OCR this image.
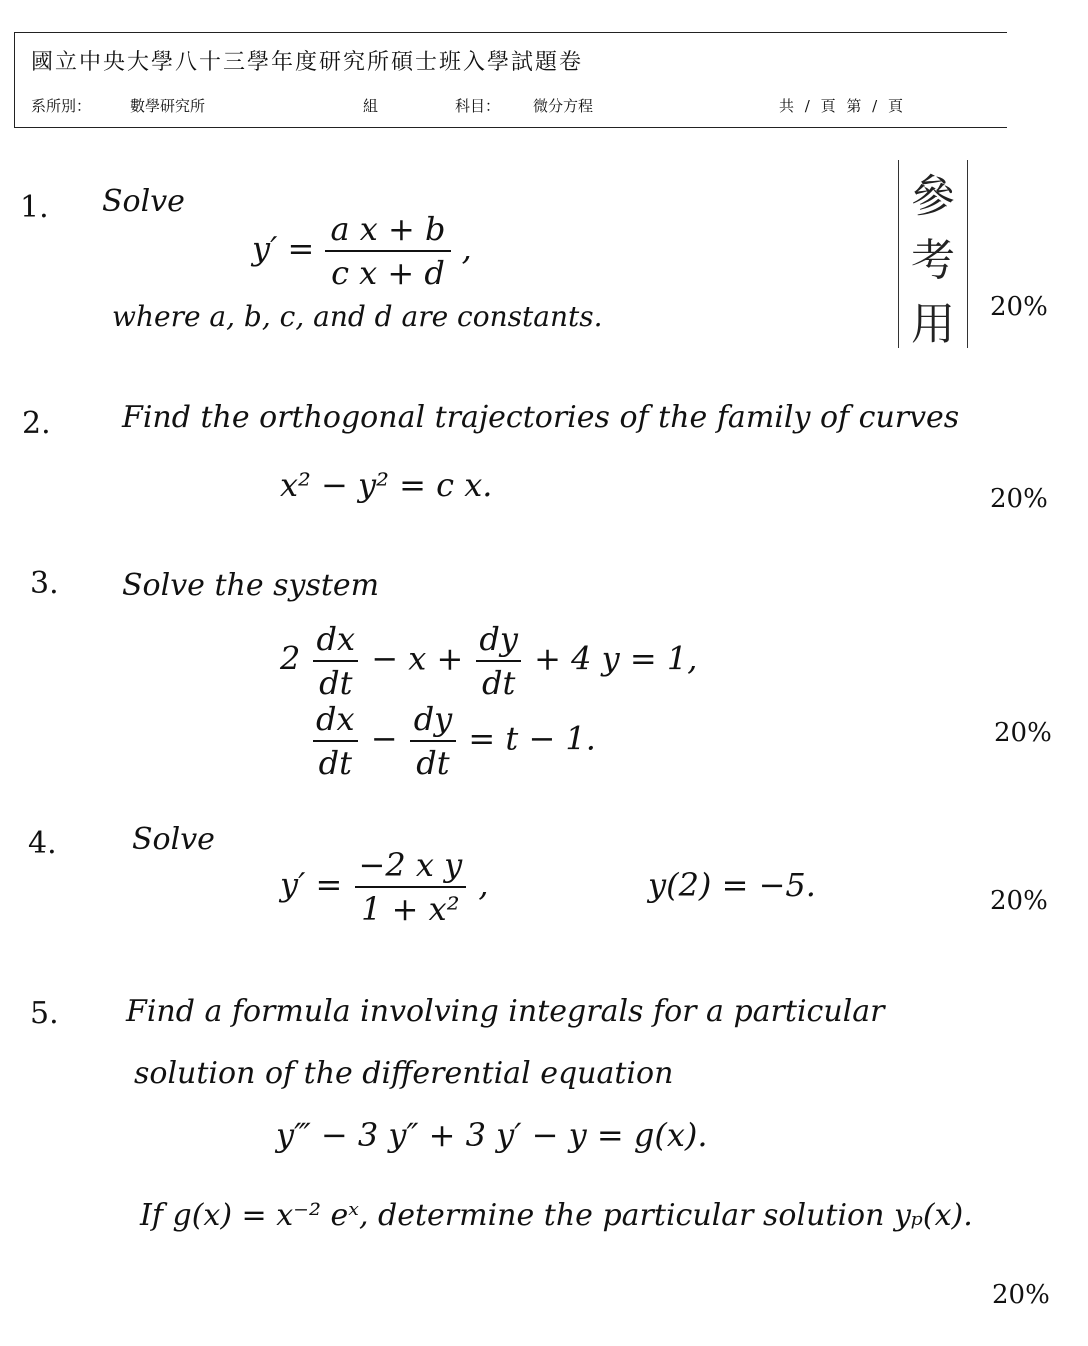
國立中央大學八十三學年度研究所碩士班入學試題卷
系所別：	數學研究所	組	科目： 微分方程	共 / 頁 第 / 頁
參
考
用
1. Solve
$y' = \frac{\text{a x + b}}{\text{c x + d}}$ ,
where a, b, c, and d are constants.	20%
2. Find the orthogonal trajectories of the family of curves
x² − y² = c x.	20%
3. Solve the system
$2 \frac{dx}{dt} - x + \frac{dy}{dt} + 4$ y = 1,
$\frac{dx}{dt} - \frac{dy}{dt} = t - 1$.	20%
4.	Solve
$y' = \frac{\text{−2 x y}}{\text{1 + x²}}$ ,	y(2) = −5.	20%
5. Find a formula involving integrals for a particular
solution of the differential equation
y‴ − 3 y″ + 3 y′ − y = g(x).
If g(x) = x⁻² eˣ, determine the particular solution yₚ(x).
20%
